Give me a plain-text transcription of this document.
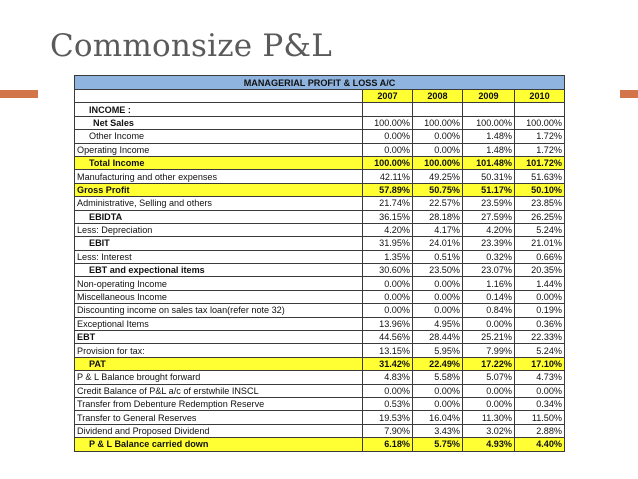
Commonsize P&L
MANAGERIAL PROFIT & LOSS A/C				
	2007	2008	2009	2010
INCOME :				
Net Sales	100.00%	100.00%	100.00%	100.00%
Other Income	0.00%	0.00%	1.48%	1.72%
Operating Income	0.00%	0.00%	1.48%	1.72%
Total Income	100.00%	100.00%	101.48%	101.72%
Manufacturing and other expenses	42.11%	49.25%	50.31%	51.63%
Gross Profit	57.89%	50.75%	51.17%	50.10%
Administrative, Selling and others	21.74%	22.57%	23.59%	23.85%
EBIDTA	36.15%	28.18%	27.59%	26.25%
Less: Depreciation	4.20%	4.17%	4.20%	5.24%
EBIT	31.95%	24.01%	23.39%	21.01%
Less: Interest	1.35%	0.51%	0.32%	0.66%
EBT and expectional items	30.60%	23.50%	23.07%	20.35%
Non-operating Income	0.00%	0.00%	1.16%	1.44%
Miscellaneous Income	0.00%	0.00%	0.14%	0.00%
Discounting income on sales tax loan(refer note 32)	0.00%	0.00%	0.84%	0.19%
Exceptional Items	13.96%	4.95%	0.00%	0.36%
EBT	44.56%	28.44%	25.21%	22.33%
Provision for tax:	13.15%	5.95%	7.99%	5.24%
PAT	31.42%	22.49%	17.22%	17.10%
P & L Balance brought forward	4.83%	5.58%	5.07%	4.73%
Credit Balance of P&L a/c of erstwhile INSCL	0.00%	0.00%	0.00%	0.00%
Transfer from Debenture Redemption Reserve	0.53%	0.00%	0.00%	0.34%
Transfer to General Reserves	19.53%	16.04%	11.30%	11.50%
Dividend and Proposed Dividend	7.90%	3.43%	3.02%	2.88%
P & L Balance carried down	6.18%	5.75%	4.93%	4.40%
